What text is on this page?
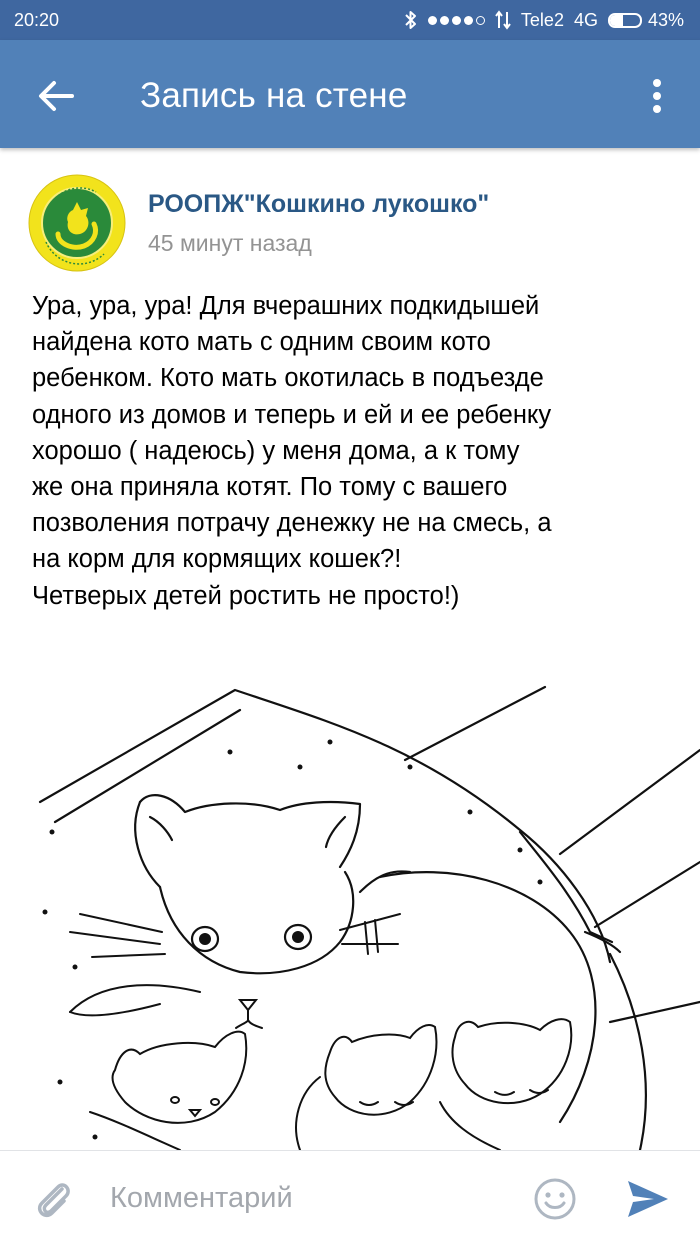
20:20	Tele2 4G	43%
Запись на стене
РООПЖ"Кошкино лукошко"
45 минут назад
Ура, ура, ура! Для вчерашних подкидышей
найдена кото мать с одним своим кото
ребенком. Кото мать окотилась в подъезде
одного из домов и теперь и ей и ее ребенку
хорошо ( надеюсь) у меня дома, а к тому
же она приняла котят. По тому с вашего
позволения потрачу денежку не на смесь, а
на корм для кормящих кошек?!
Четверых детей ростить не просто!)
Комментарий
